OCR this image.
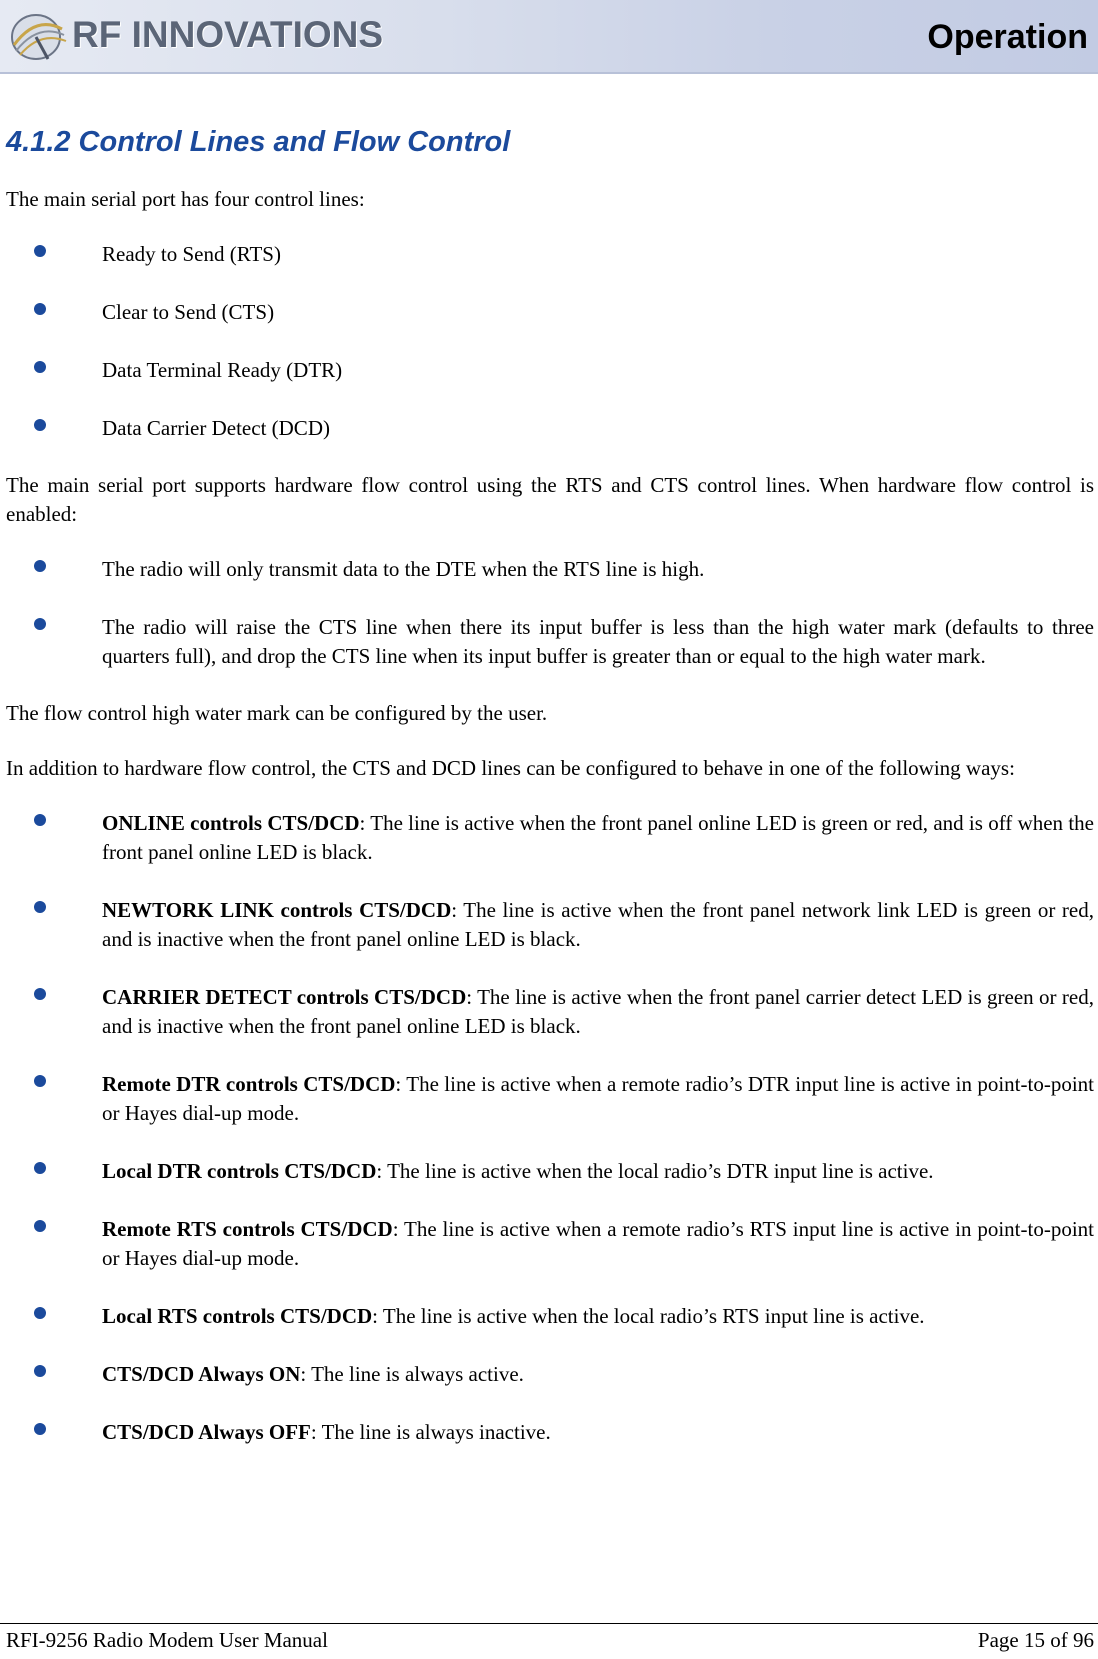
RF INNOVATIONS	Operation
4.1.2 Control Lines and Flow Control

The main serial port has four control lines:

Ready to Send (RTS)
Clear to Send (CTS)
Data Terminal Ready (DTR)
Data Carrier Detect (DCD)

The main serial port supports hardware flow control using the RTS and CTS control lines. When hardware flow control is enabled:

The radio will only transmit data to the DTE when the RTS line is high.
The radio will raise the CTS line when there its input buffer is less than the high water mark (defaults to three quarters full), and drop the CTS line when its input buffer is greater than or equal to the high water mark.

The flow control high water mark can be configured by the user.

In addition to hardware flow control, the CTS and DCD lines can be configured to behave in one of the following ways:

ONLINE controls CTS/DCD: The line is active when the front panel online LED is green or red, and is off when the front panel online LED is black.
NEWTORK LINK controls CTS/DCD: The line is active when the front panel network link LED is green or red, and is inactive when the front panel online LED is black.
CARRIER DETECT controls CTS/DCD: The line is active when the front panel carrier detect LED is green or red, and is inactive when the front panel online LED is black.
Remote DTR controls CTS/DCD: The line is active when a remote radio’s DTR input line is active in point-to-point or Hayes dial-up mode.
Local DTR controls CTS/DCD: The line is active when the local radio’s DTR input line is active.
Remote RTS controls CTS/DCD: The line is active when a remote radio’s RTS input line is active in point-to-point or Hayes dial-up mode.
Local RTS controls CTS/DCD: The line is active when the local radio’s RTS input line is active.
CTS/DCD Always ON: The line is always active.
CTS/DCD Always OFF: The line is always inactive.
RFI-9256 Radio Modem User Manual	Page 15 of 96
